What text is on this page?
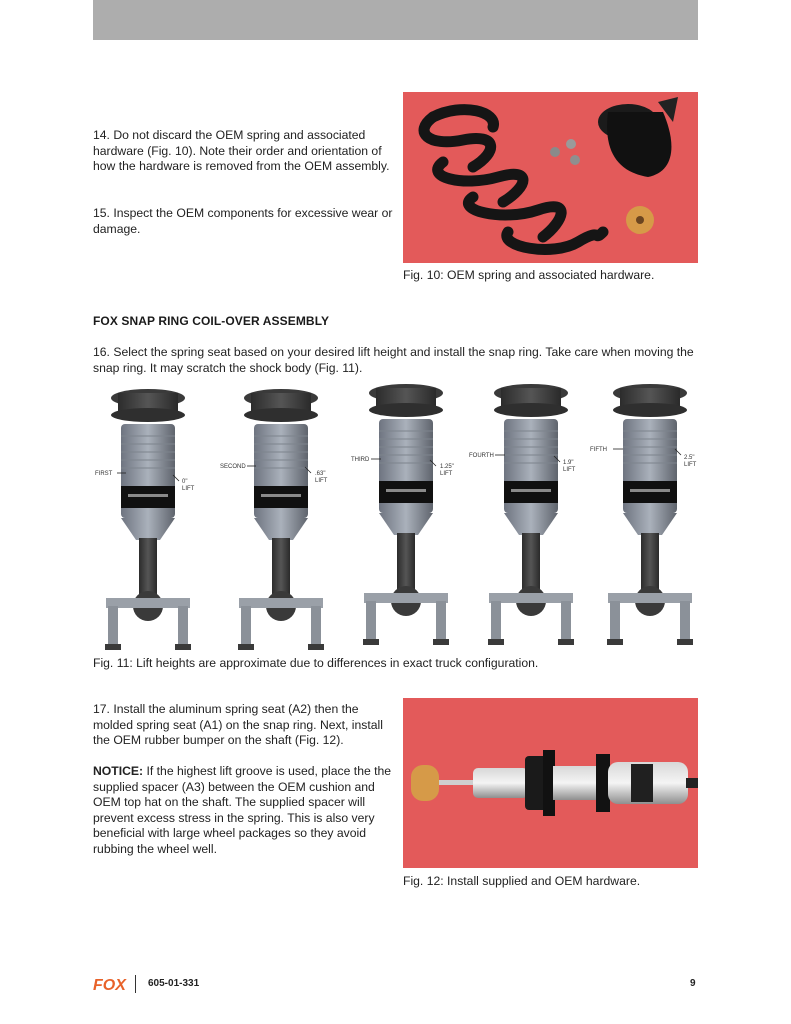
14. Do not discard the OEM spring and associated hardware (Fig. 10). Note their order and orientation of how the hardware is removed from the OEM assembly.

15. Inspect the OEM components for excessive wear or damage.

Fig. 10: OEM spring and associated hardware.
FOX SNAP RING COIL-OVER ASSEMBLY

16. Select the spring seat based on your desired lift height and install the snap ring. Take care when moving the snap ring. It may scratch the shock body (Fig. 11).

FIRST
0"
LIFT
SECOND
.63"
LIFT
THIRD
1.25"
LIFT
FOURTH
1.9"
LIFT
FIFTH
2.5"
LIFT
Fig. 11: Lift heights are approximate due to differences in exact truck configuration.

17. Install the aluminum spring seat (A2) then the molded spring seat (A1) on the snap ring. Next, install the OEM rubber bumper on the shaft (Fig. 12).

NOTICE: If the highest lift groove is used, place the the supplied spacer (A3) between the OEM cushion and OEM top hat on the shaft. The supplied spacer will prevent excess stress in the spring. This is also very beneficial with large wheel packages so they avoid rubbing the wheel well.

Fig. 12: Install supplied and OEM hardware.
FOX 605-01-331	9
